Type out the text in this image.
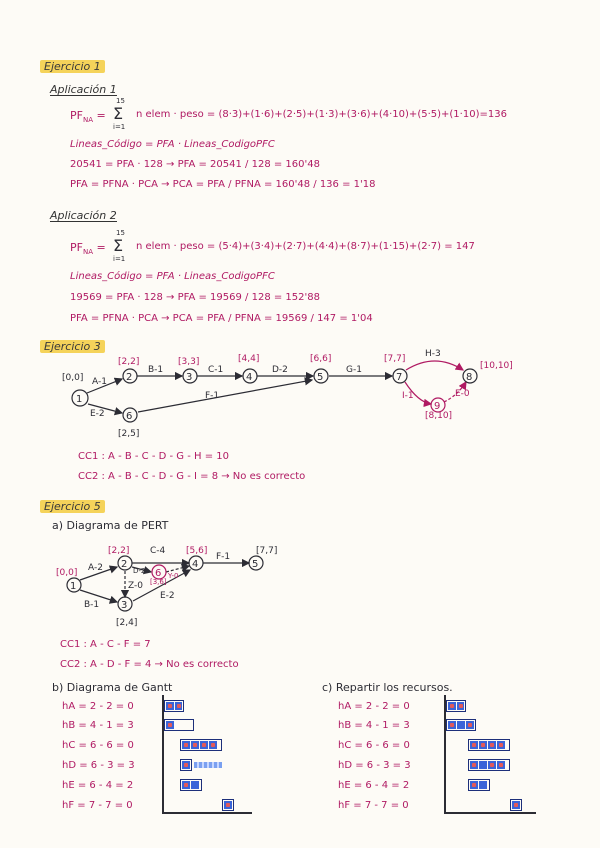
Ejercicio 1
Aplicación 1
$PF_{NA}$ =
15
Σ
i=1
n elem · peso = (8·3)+(1·6)+(2·5)+(1·3)+(3·6)+(4·10)+(5·5)+(1·10)=136
Lineas_Código = PFA · Lineas_CodigoPFC
20541 = PFA · 128 → PFA = 20541 / 128 = 160'48
PFA = PFNA · PCA → PCA = PFA / PFNA = 160'48 / 136 = 1'18
Aplicación 2
$PF_{NA}$ =
15
Σ
i=1
n elem · peso = (5·4)+(3·4)+(2·7)+(4·4)+(8·7)+(1·15)+(2·7) = 147
Lineas_Código = PFA · Lineas_CodigoPFC
19569 = PFA · 128 → PFA = 19569 / 128 = 152'88
PFA = PFNA · PCA → PCA = PFA / PFNA = 19569 / 147 = 1'04
Ejercicio 3
1
2	3	4	5
6
7	8
9
[0,0]
[2,2]	[3,3]	[4,4]	[6,6]	[7,7]
[10,10]
[2,5]
[8,10]
A-1
B-1	C-1	D-2	G-1
H-3
E-2
F-1	I-1	E-0
CC1 : A - B - C - D - G - H = 10
CC2 : A - B - C - D - G - I = 8 → No es correcto
Ejercicio 5
a) Diagrama de PERT
1
2
3
4	5
6
[0,0]
[2,2]	[5,6]	[7,7]
[2,4]
[3,6]
A-2
C-4
F-1
B-1
D-2
E-2
Z-0
Y-0
CC1 : A - C - F = 7
CC2 : A - D - F = 4 → No es correcto
b) Diagrama de Gantt	c) Repartir los recursos.
hA = 2 - 2 = 0
hB = 4 - 1 = 3
hC = 6 - 6 = 0
hD = 6 - 3 = 3
hE = 6 - 4 = 2
hF = 7 - 7 = 0
hA = 2 - 2 = 0
hB = 4 - 1 = 3
hC = 6 - 6 = 0
hD = 6 - 3 = 3
hE = 6 - 4 = 2
hF = 7 - 7 = 0
